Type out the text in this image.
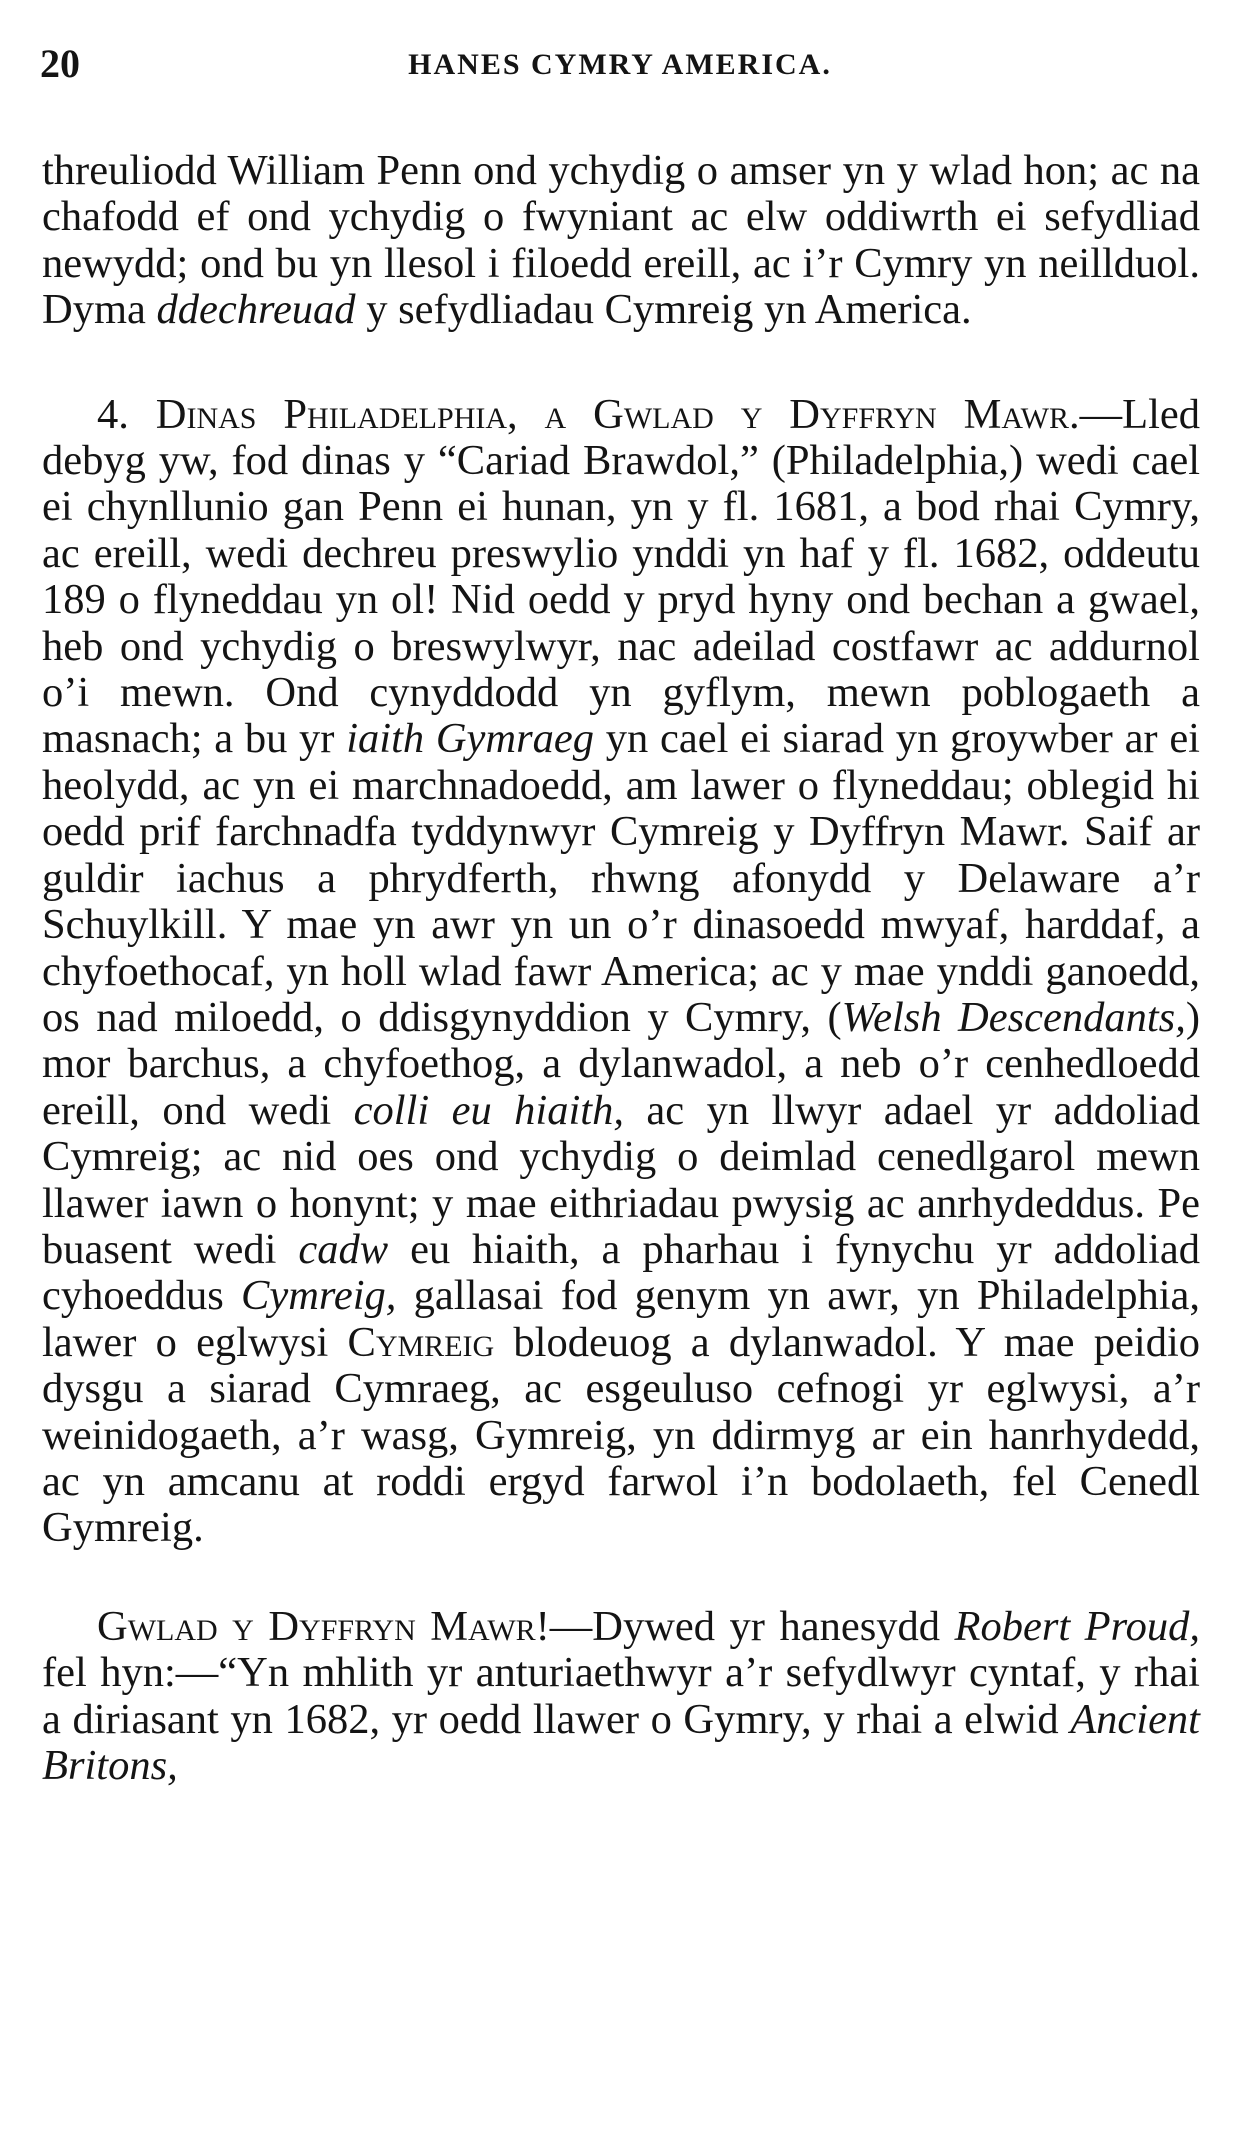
20	HANES CYMRY AMERICA.

threuliodd William Penn ond ychydig o amser yn y wlad hon; ac na chafodd ef ond ychydig o fwyniant ac elw oddiwrth ei sefydliad newydd; ond bu yn llesol i filoedd ereill, ac i’r Cymry yn neillduol. Dyma ddechreuad y sefydliadau Cymreig yn America.

4. Dinas Philadelphia, a Gwlad y Dyffryn Mawr.—Lled debyg yw, fod dinas y “Cariad Brawdol,” (Philadelphia,) wedi cael ei chynllunio gan Penn ei hunan, yn y fl. 1681, a bod rhai Cymry, ac ereill, wedi dechreu preswylio ynddi yn haf y fl. 1682, oddeutu 189 o flyneddau yn ol! Nid oedd y pryd hyny ond bechan a gwael, heb ond ychydig o breswylwyr, nac adeilad costfawr ac addurnol o’i mewn. Ond cynyddodd yn gyflym, mewn poblogaeth a masnach; a bu yr iaith Gymraeg yn cael ei siarad yn groywber ar ei heolydd, ac yn ei marchnadoedd, am lawer o flyneddau; oblegid hi oedd prif farchnadfa tyddynwyr Cymreig y Dyffryn Mawr. Saif ar guldir iachus a phrydferth, rhwng afonydd y Delaware a’r Schuylkill. Y mae yn awr yn un o’r dinasoedd mwyaf, harddaf, a chyfoethocaf, yn holl wlad fawr America; ac y mae ynddi ganoedd, os nad miloedd, o ddisgynyddion y Cymry, (Welsh Descendants,) mor barchus, a chyfoethog, a dylanwadol, a neb o’r cenhedloedd ereill, ond wedi colli eu hiaith, ac yn llwyr adael yr addoliad Cymreig; ac nid oes ond ychydig o deimlad cenedlgarol mewn llawer iawn o honynt; y mae eithriadau pwysig ac anrhydeddus. Pe buasent wedi cadw eu hiaith, a pharhau i fynychu yr addoliad cyhoeddus Cymreig, gallasai fod genym yn awr, yn Philadelphia, lawer o eglwysi Cymreig blodeuog a dylanwadol. Y mae peidio dysgu a siarad Cymraeg, ac esgeuluso cefnogi yr eglwysi, a’r weinidogaeth, a’r wasg, Gymreig, yn ddirmyg ar ein hanrhydedd, ac yn amcanu at roddi ergyd farwol i’n bodolaeth, fel Cenedl Gymreig.

Gwlad y Dyffryn Mawr!—Dywed yr hanesydd Robert Proud, fel hyn:—“Yn mhlith yr anturiaethwyr a’r sefydlwyr cyntaf, y rhai a diriasant yn 1682, yr oedd llawer o Gymry, y rhai a elwid Ancient Britons,
